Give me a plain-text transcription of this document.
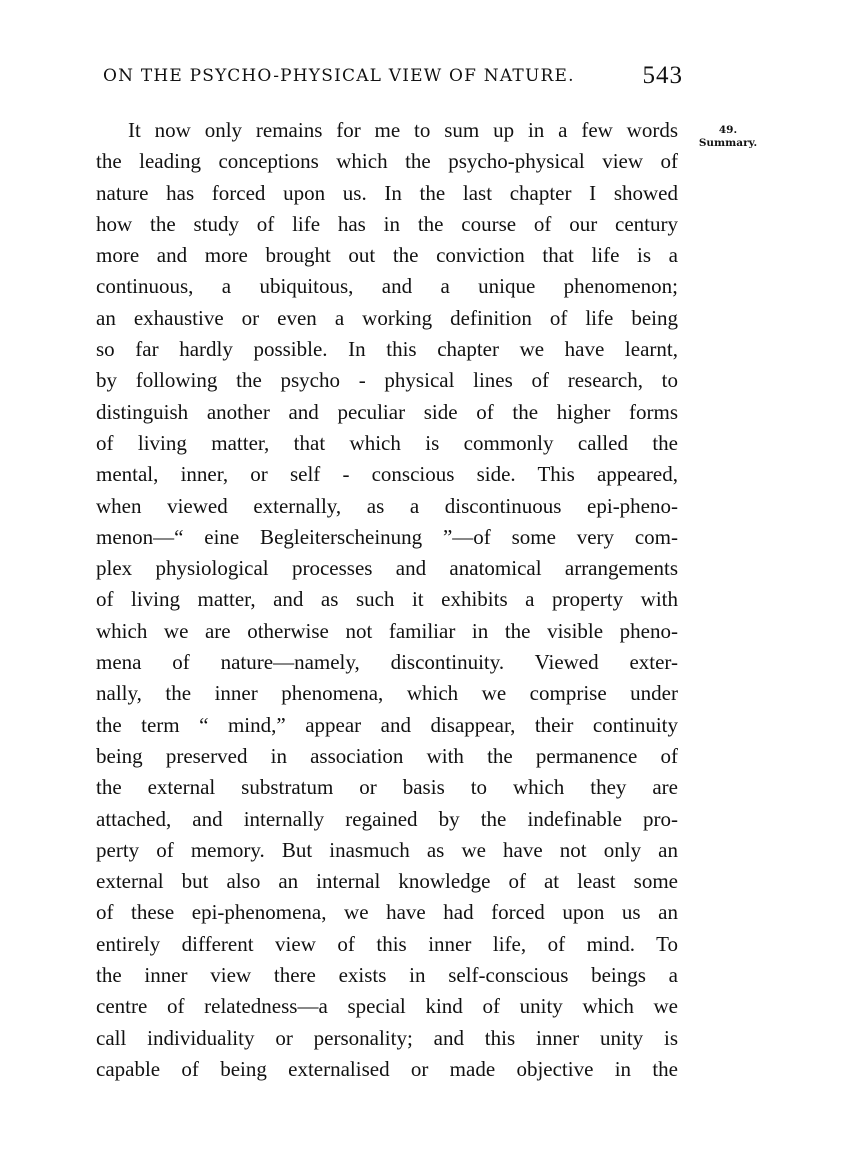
ON THE PSYCHO-PHYSICAL VIEW OF NATURE.	543
49.
Summary.
It now only remains for me to sum up in a few words
the leading conceptions which the psycho-physical view of
nature has forced upon us. In the last chapter I showed
how the study of life has in the course of our century
more and more brought out the conviction that life is a
continuous, a ubiquitous, and a unique phenomenon;
an exhaustive or even a working definition of life being
so far hardly possible. In this chapter we have learnt,
by following the psycho - physical lines of research, to
distinguish another and peculiar side of the higher forms
of living matter, that which is commonly called the
mental, inner, or self - conscious side. This appeared,
when viewed externally, as a discontinuous epi-pheno-
menon—“ eine Begleiterscheinung ”—of some very com-
plex physiological processes and anatomical arrangements
of living matter, and as such it exhibits a property with
which we are otherwise not familiar in the visible pheno-
mena of nature—namely, discontinuity. Viewed exter-
nally, the inner phenomena, which we comprise under
the term “ mind,” appear and disappear, their continuity
being preserved in association with the permanence of
the external substratum or basis to which they are
attached, and internally regained by the indefinable pro-
perty of memory. But inasmuch as we have not only an
external but also an internal knowledge of at least some
of these epi-phenomena, we have had forced upon us an
entirely different view of this inner life, of mind. To
the inner view there exists in self-conscious beings a
centre of relatedness—a special kind of unity which we
call individuality or personality; and this inner unity is
capable of being externalised or made objective in the
